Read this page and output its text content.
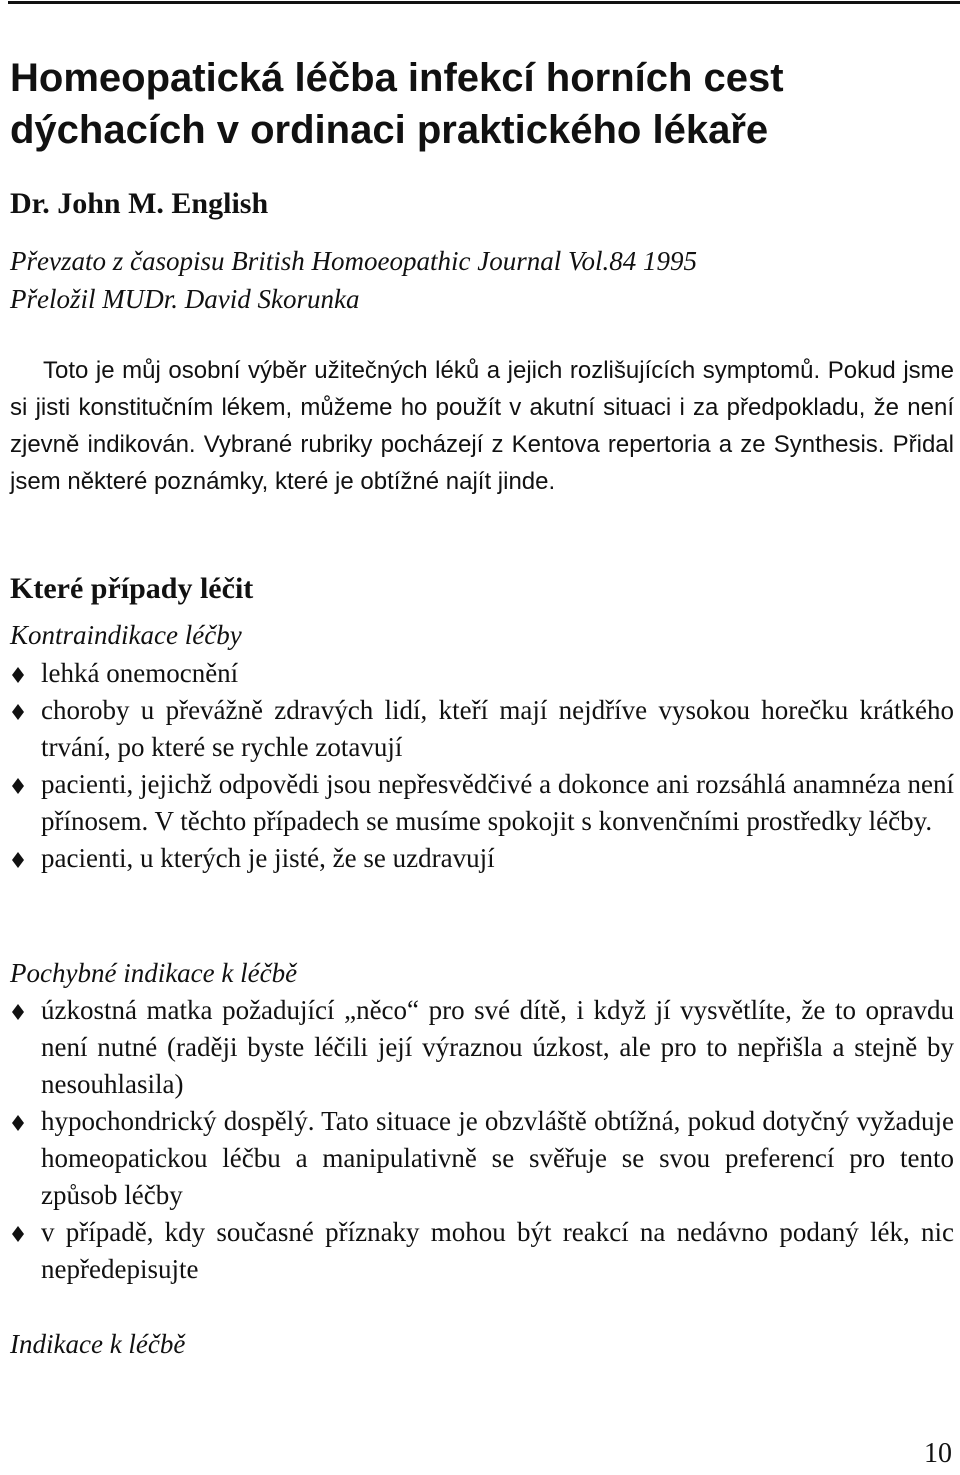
Homeopatická léčba infekcí horních cest
dýchacích v ordinaci praktického lékaře
Dr. John M. English
Převzato z časopisu British Homoeopathic Journal Vol.84 1995
Přeložil MUDr. David Skorunka

Toto je můj osobní výběr užitečných léků a jejich rozlišujících symptomů. Pokud jsme si jisti konstitučním lékem, můžeme ho použít v akutní situaci i za předpokladu, že není zjevně indikován. Vybrané rubriky pocházejí z Kentova repertoria a ze Synthesis. Přidal jsem některé poznámky, které je obtížné najít jinde.

Které případy léčit
Kontraindikace léčby
lehká onemocnění
choroby u převážně zdravých lidí, kteří mají nejdříve vysokou horečku krátkého trvání, po které se rychle zotavují
pacienti, jejichž odpovědi jsou nepřesvědčivé a dokonce ani rozsáhlá anamnéza není přínosem. V těchto případech se musíme spokojit s konvenčními prostředky léčby.
pacienti, u kterých je jisté, že se uzdravují
Pochybné indikace k léčbě
úzkostná matka požadující „něco“ pro své dítě, i když jí vysvětlíte, že to opravdu není nutné (raději byste léčili její výraznou úzkost, ale pro to nepřišla a stejně by nesouhlasila)
hypochondrický dospělý. Tato situace je obzvláště obtížná, pokud dotyčný vyžaduje homeopatickou léčbu a manipulativně se svěřuje se svou preferencí pro tento způsob léčby
v případě, kdy současné příznaky mohou být reakcí na nedávno podaný lék, nic nepředepisujte
Indikace k léčbě
10
